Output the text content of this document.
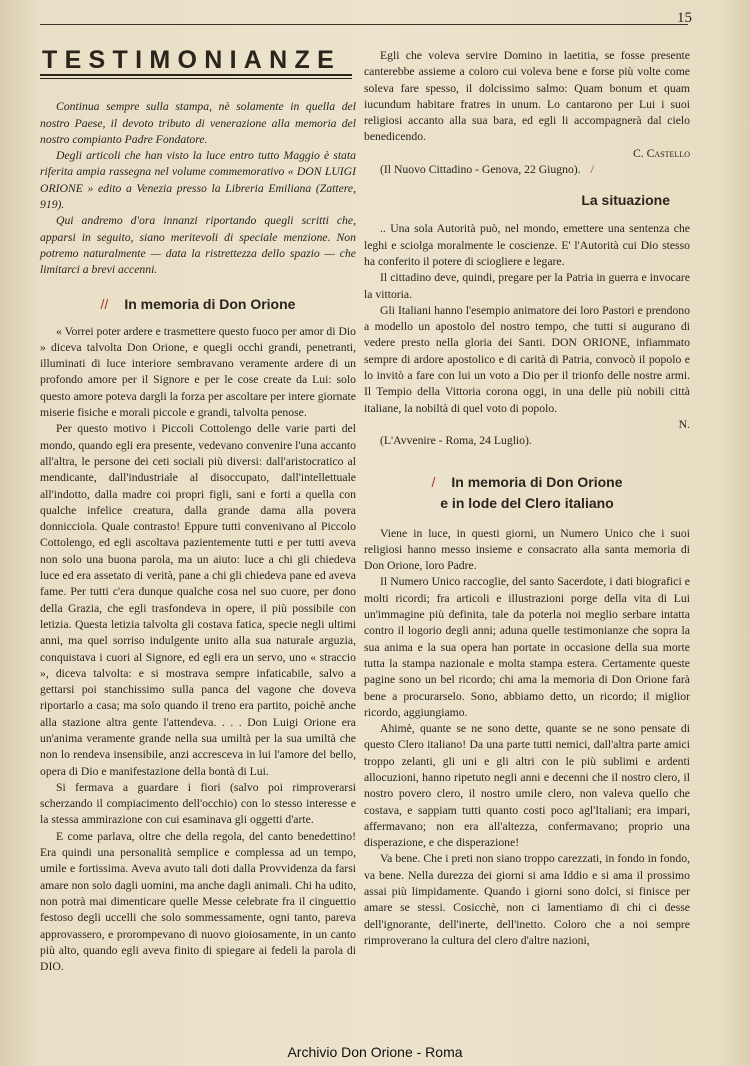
15
TESTIMONIANZE

Continua sempre sulla stampa, nè solamente in quella del nostro Paese, il devoto tributo di venerazione alla memoria del nostro compianto Padre Fondatore.

Degli articoli che han visto la luce entro tutto Maggio è stata riferita ampia rassegna nel volume commemorativo « DON LUIGI ORIONE » edito a Venezia presso la Libreria Emiliana (Zattere, 919).

Qui andremo d'ora innanzi riportando quegli scritti che, apparsi in seguito, siano meritevoli di speciale menzione. Non potremo naturalmente — data la ristrettezza dello spazio — che limitarci a brevi accenni.

// In memoria di Don Orione

« Vorrei poter ardere e trasmettere questo fuoco per amor di Dio » diceva talvolta Don Orione, e quegli occhi grandi, penetranti, illuminati di luce interiore sembravano veramente ardere di un profondo amore per il Signore e per le cose create da Lui: solo questo amore poteva dargli la forza per ascoltare per intere giornate miserie fisiche e morali piccole e grandi, talvolta penose.

Per questo motivo i Piccoli Cottolengo delle varie parti del mondo, quando egli era presente, vedevano convenire l'una accanto all'altra, le persone dei ceti sociali più diversi: dall'aristocratico al mendicante, dall'industriale al disoccupato, dall'intellettuale all'indotto, dalla madre coi propri figli, sani e forti a quella con qualche infelice creatura, dalla grande dama alla povera donnicciola. Quale contrasto! Eppure tutti convenivano al Piccolo Cottolengo, ed egli ascoltava pazientemente tutti e per tutti aveva non solo una buona parola, ma un aiuto: luce a chi gli chiedeva luce ed era assetato di verità, pane a chi gli chiedeva pane ed aveva fame. Per tutti c'era dunque qualche cosa nel suo cuore, per dono della Grazia, che egli trasfondeva in opere, il più possibile con letizia. Questa letizia talvolta gli costava fatica, specie negli ultimi anni, ma quel sorriso indulgente unito alla sua naturale arguzia, conquistava i cuori al Signore, ed egli era un servo, uno « straccio », diceva talvolta: e si mostrava sempre infaticabile, salvo a gettarsi poi stanchissimo sulla panca del vagone che doveva riportarlo a casa; ma solo quando il treno era partito, poichè anche alla stazione altra gente l'attendeva. . . . Don Luigi Orione era un'anima veramente grande nella sua umiltà per la sua umiltà che non lo rendeva insensibile, anzi accresceva in lui l'amore del bello, opera di Dio e manifestazione della bontà di Lui.

Si fermava a guardare i fiori (salvo poi rimproverarsi scherzando il compiacimento dell'occhio) con lo stesso interesse e la stessa ammirazione con cui esaminava gli oggetti d'arte.

E come parlava, oltre che della regola, del canto benedettino! Era quindi una personalità semplice e complessa ad un tempo, umile e fortissima. Aveva avuto tali doti dalla Provvidenza da farsi amare non solo dagli uomini, ma anche dagli animali. Chi ha udito, non potrà mai dimenticare quelle Messe celebrate fra il cinguettio festoso degli uccelli che solo sommessamente, ogni tanto, pareva approvassero, e prorompevano di nuovo gioiosamente, in un canto più alto, quando egli aveva finito di spiegare ai fedeli la parola di DIO.

Egli che voleva servire Domino in laetitia, se fosse presente canterebbe assieme a coloro cui voleva bene e forse più volte come soleva fare spesso, il dolcissimo salmo: Quam bonum et quam iucundum habitare fratres in unum. Lo cantarono per Lui i suoi religiosi accanto alla sua bara, ed egli li accompagnerà dal cielo benedicendo.

C. Castello

(Il Nuovo Cittadino - Genova, 22 Giugno). /

La situazione

.. Una sola Autorità può, nel mondo, emettere una sentenza che leghi e sciolga moralmente le coscienze. E' l'Autorità cui Dio stesso ha conferito il potere di sciogliere e legare.

Il cittadino deve, quindi, pregare per la Patria in guerra e invocare la vittoria.

Gli Italiani hanno l'esempio animatore dei loro Pastori e prendono a modello un apostolo del nostro tempo, che tutti si augurano di vedere presto nella gloria dei Santi. DON ORIONE, infiammato sempre di ardore apostolico e di carità di Patria, convocò il popolo e lo invitò a fare con lui un voto a Dio per il trionfo delle nostre armi. Il Tempio della Vittoria corona oggi, in una delle più nobili città italiane, la nobiltà di quel voto di popolo.

N.

(L'Avvenire - Roma, 24 Luglio).

/ In memoria di Don Orione
e in lode del Clero italiano

Viene in luce, in questi giorni, un Numero Unico che i suoi religiosi hanno messo insieme e consacrato alla santa memoria di Don Orione, loro Padre.

Il Numero Unico raccoglie, del santo Sacerdote, i dati biografici e molti ricordi; fra articoli e illustrazioni porge della vita di Lui un'immagine più definita, tale da poterla noi meglio serbare intatta contro il logorio degli anni; aduna quelle testimonianze che sopra la sua anima e la sua opera han portate in occasione della sua morte tutta la stampa nazionale e molta stampa estera. Certamente queste pagine sono un bel ricordo; chi ama la memoria di Don Orione farà bene a procurarselo. Sono, abbiamo detto, un ricordo; il miglior ricordo, aggiungiamo.

Ahimè, quante se ne sono dette, quante se ne sono pensate di questo Clero italiano! Da una parte tutti nemici, dall'altra parte amici troppo zelanti, gli uni e gli altri con le più sublimi e ardenti allocuzioni, hanno ripetuto negli anni e decenni che il nostro clero, il nostro povero clero, il nostro umile clero, non valeva quello che costava, e sappiam tutti quanto costi poco agl'Italiani; era impari, affermavano; non era all'altezza, confermavano; proprio una disperazione, e che disperazione!

Va bene. Che i preti non siano troppo carezzati, in fondo in fondo, va bene. Nella durezza dei giorni si ama Iddio e si ama il prossimo assai più limpidamente. Quando i giorni sono dolci, si finisce per amare se stessi. Cosicchè, non ci lamentiamo di chi ci desse dell'ignorante, dell'inerte, dell'inetto. Coloro che a noi sempre rimproverano la cultura del clero d'altre nazioni,

Archivio Don Orione - Roma
